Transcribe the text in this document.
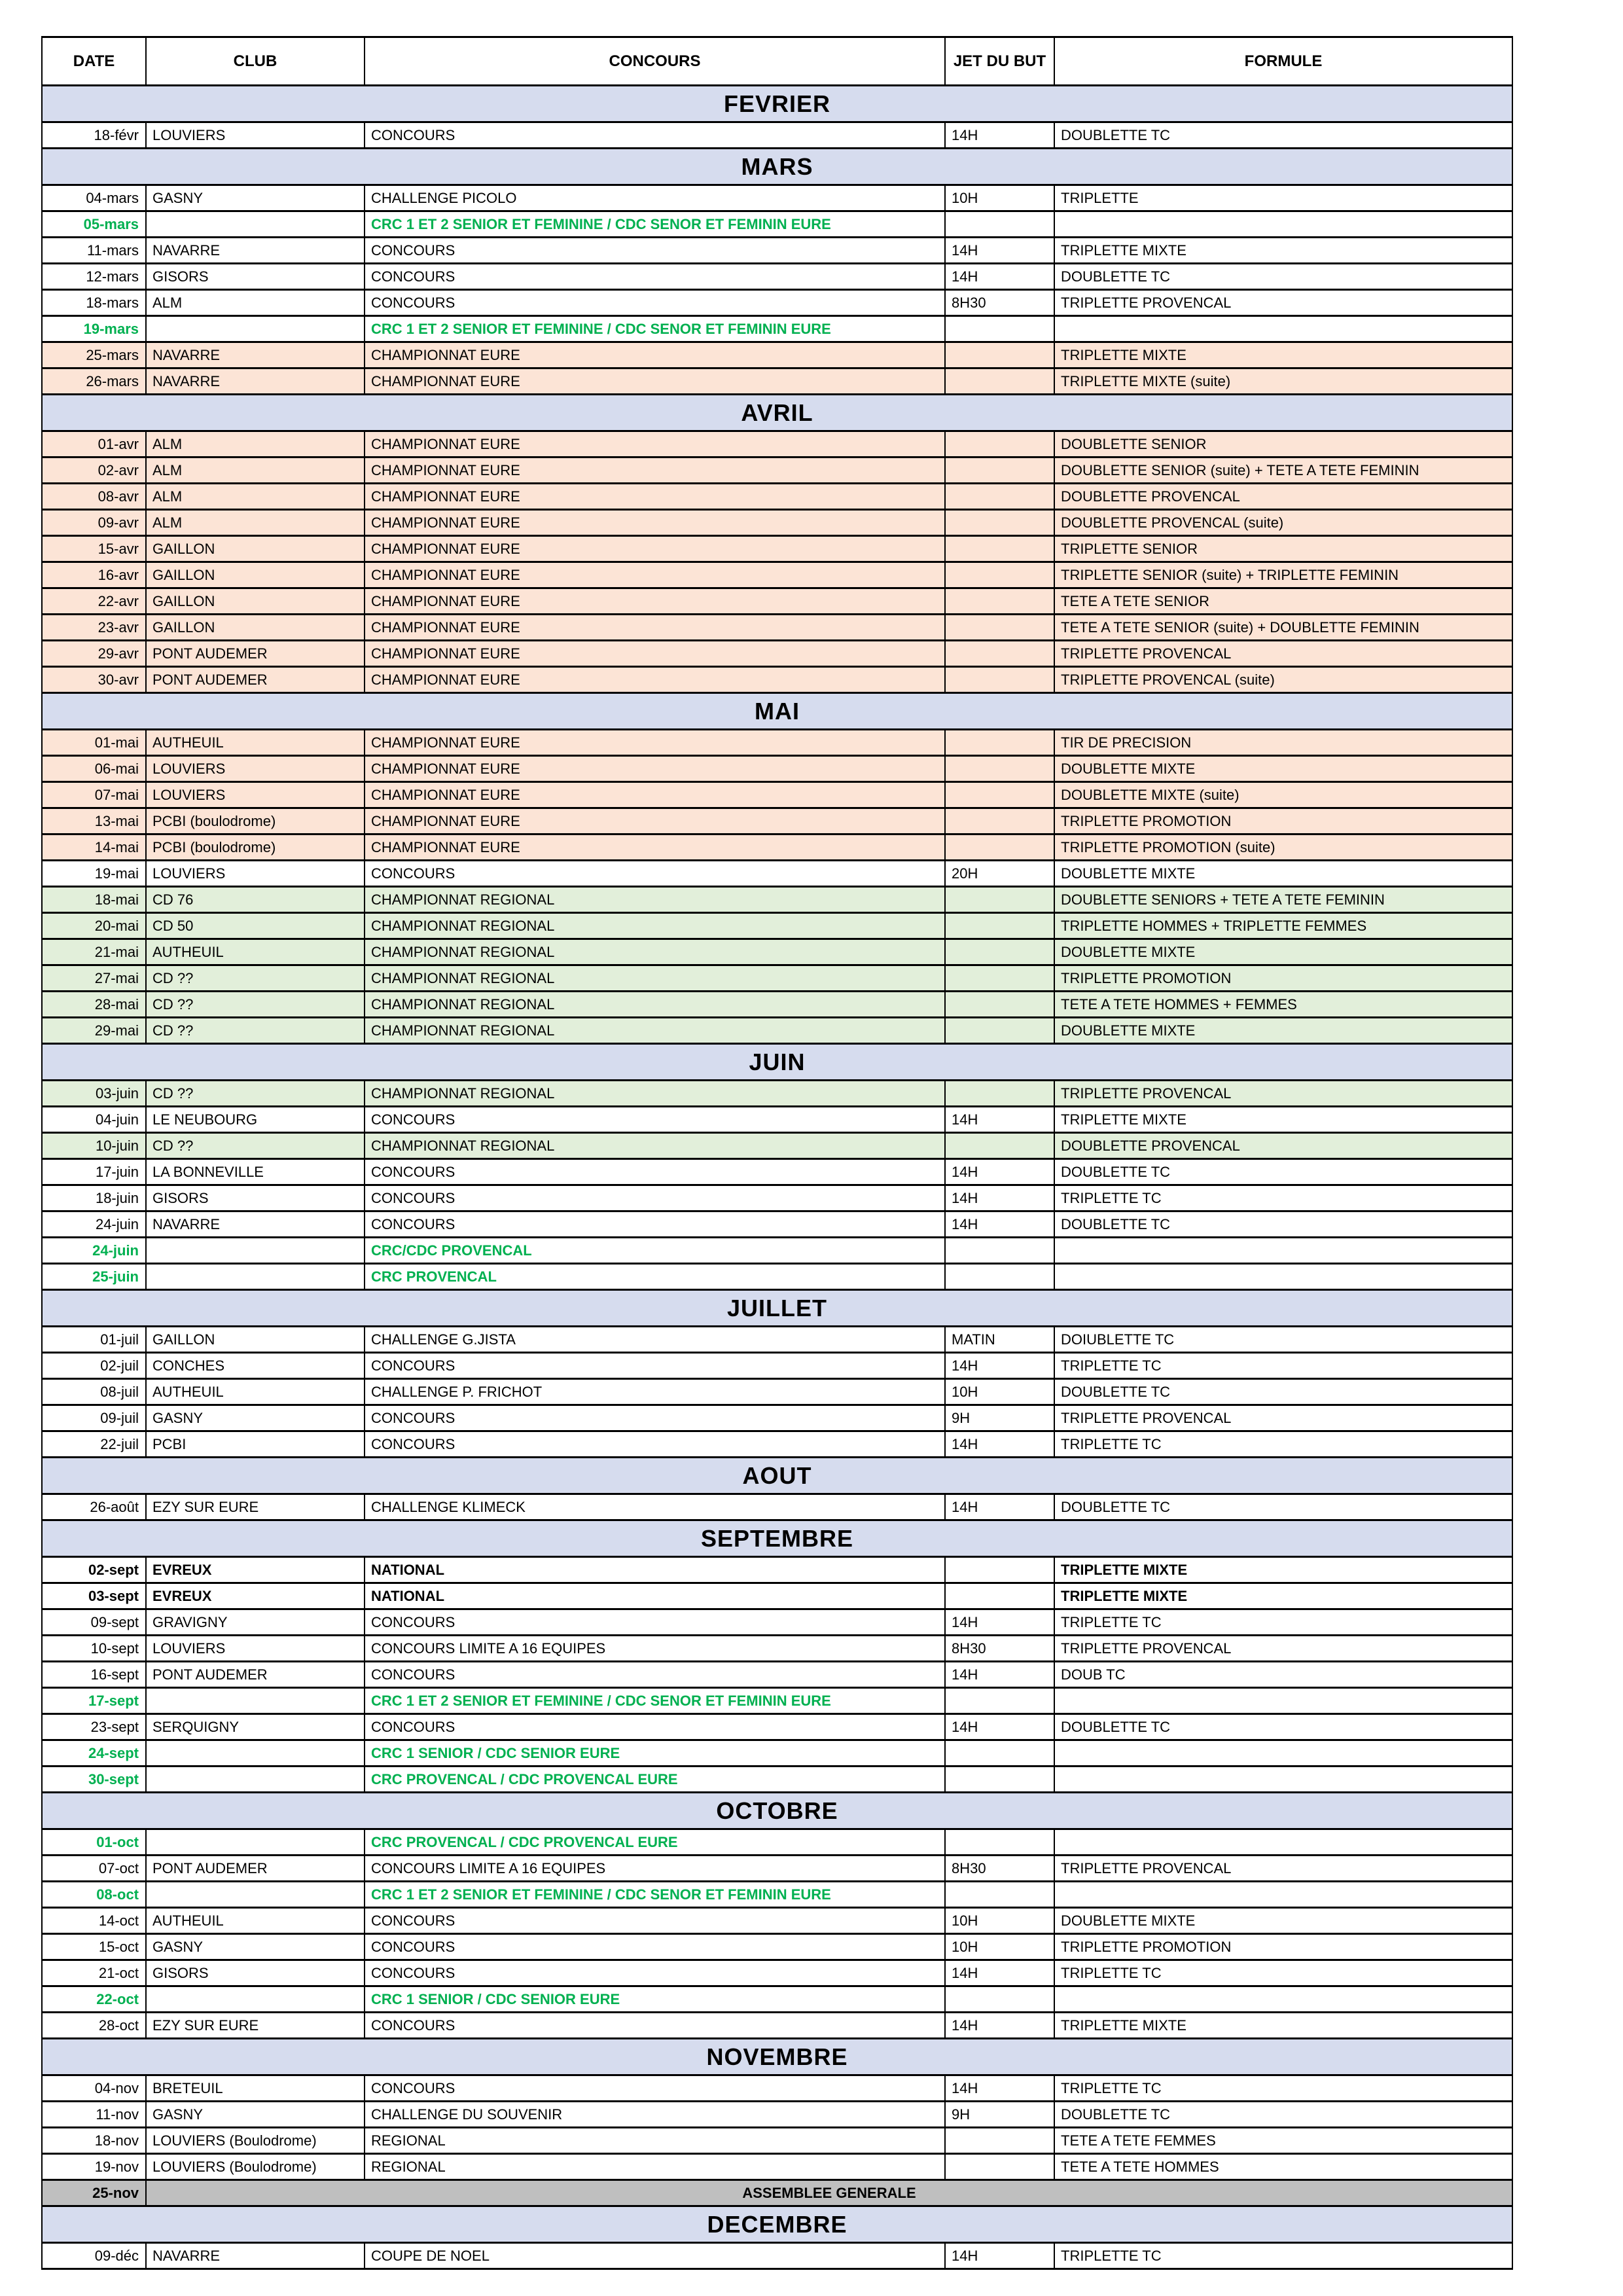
DATE	CLUB	CONCOURS	JET DU BUT	FORMULE
FEVRIER				
18-févr	LOUVIERS	CONCOURS	14H	DOUBLETTE TC
MARS				
04-mars	GASNY	CHALLENGE PICOLO	10H	TRIPLETTE
05-mars		CRC 1 ET 2 SENIOR ET FEMININE / CDC SENOR ET FEMININ EURE		
11-mars	NAVARRE	CONCOURS	14H	TRIPLETTE MIXTE
12-mars	GISORS	CONCOURS	14H	DOUBLETTE TC
18-mars	ALM	CONCOURS	8H30	TRIPLETTE PROVENCAL
19-mars		CRC 1 ET 2 SENIOR ET FEMININE / CDC SENOR ET FEMININ EURE		
25-mars	NAVARRE	CHAMPIONNAT EURE		TRIPLETTE MIXTE
26-mars	NAVARRE	CHAMPIONNAT EURE		TRIPLETTE MIXTE (suite)
AVRIL				
01-avr	ALM	CHAMPIONNAT EURE		DOUBLETTE SENIOR
02-avr	ALM	CHAMPIONNAT EURE		DOUBLETTE SENIOR (suite) + TETE A TETE FEMININ
08-avr	ALM	CHAMPIONNAT EURE		DOUBLETTE PROVENCAL
09-avr	ALM	CHAMPIONNAT EURE		DOUBLETTE PROVENCAL (suite)
15-avr	GAILLON	CHAMPIONNAT EURE		TRIPLETTE SENIOR
16-avr	GAILLON	CHAMPIONNAT EURE		TRIPLETTE SENIOR (suite) + TRIPLETTE FEMININ
22-avr	GAILLON	CHAMPIONNAT EURE		TETE A TETE SENIOR
23-avr	GAILLON	CHAMPIONNAT EURE		TETE A TETE SENIOR (suite) + DOUBLETTE FEMININ
29-avr	PONT AUDEMER	CHAMPIONNAT EURE		TRIPLETTE PROVENCAL
30-avr	PONT AUDEMER	CHAMPIONNAT EURE		TRIPLETTE PROVENCAL (suite)
MAI				
01-mai	AUTHEUIL	CHAMPIONNAT EURE		TIR DE PRECISION
06-mai	LOUVIERS	CHAMPIONNAT EURE		DOUBLETTE MIXTE
07-mai	LOUVIERS	CHAMPIONNAT EURE		DOUBLETTE MIXTE (suite)
13-mai	PCBI (boulodrome)	CHAMPIONNAT EURE		TRIPLETTE PROMOTION
14-mai	PCBI (boulodrome)	CHAMPIONNAT EURE		TRIPLETTE PROMOTION (suite)
19-mai	LOUVIERS	CONCOURS	20H	DOUBLETTE MIXTE
18-mai	CD 76	CHAMPIONNAT REGIONAL		DOUBLETTE SENIORS + TETE A TETE FEMININ
20-mai	CD 50	CHAMPIONNAT REGIONAL		TRIPLETTE HOMMES + TRIPLETTE FEMMES
21-mai	AUTHEUIL	CHAMPIONNAT REGIONAL		DOUBLETTE MIXTE
27-mai	CD ??	CHAMPIONNAT REGIONAL		TRIPLETTE PROMOTION
28-mai	CD ??	CHAMPIONNAT REGIONAL		TETE A TETE HOMMES + FEMMES
29-mai	CD ??	CHAMPIONNAT REGIONAL		DOUBLETTE MIXTE
JUIN				
03-juin	CD ??	CHAMPIONNAT REGIONAL		TRIPLETTE PROVENCAL
04-juin	LE NEUBOURG	CONCOURS	14H	TRIPLETTE MIXTE
10-juin	CD ??	CHAMPIONNAT REGIONAL		DOUBLETTE PROVENCAL
17-juin	LA BONNEVILLE	CONCOURS	14H	DOUBLETTE TC
18-juin	GISORS	CONCOURS	14H	TRIPLETTE TC
24-juin	NAVARRE	CONCOURS	14H	DOUBLETTE TC
24-juin		CRC/CDC PROVENCAL		
25-juin		CRC PROVENCAL		
JUILLET				
01-juil	GAILLON	CHALLENGE G.JISTA	MATIN	DOIUBLETTE TC
02-juil	CONCHES	CONCOURS	14H	TRIPLETTE TC
08-juil	AUTHEUIL	CHALLENGE P. FRICHOT	10H	DOUBLETTE TC
09-juil	GASNY	CONCOURS	9H	TRIPLETTE PROVENCAL
22-juil	PCBI	CONCOURS	14H	TRIPLETTE TC
AOUT				
26-août	EZY SUR EURE	CHALLENGE KLIMECK	14H	DOUBLETTE TC
SEPTEMBRE				
02-sept	EVREUX	NATIONAL		TRIPLETTE MIXTE
03-sept	EVREUX	NATIONAL		TRIPLETTE MIXTE
09-sept	GRAVIGNY	CONCOURS	14H	TRIPLETTE TC
10-sept	LOUVIERS	CONCOURS LIMITE A 16 EQUIPES	8H30	TRIPLETTE PROVENCAL
16-sept	PONT AUDEMER	CONCOURS	14H	DOUB TC
17-sept		CRC 1 ET 2 SENIOR ET FEMININE / CDC SENOR ET FEMININ EURE		
23-sept	SERQUIGNY	CONCOURS	14H	DOUBLETTE TC
24-sept		CRC 1 SENIOR / CDC SENIOR EURE		
30-sept		CRC PROVENCAL / CDC PROVENCAL EURE		
OCTOBRE				
01-oct		CRC PROVENCAL / CDC PROVENCAL EURE		
07-oct	PONT AUDEMER	CONCOURS LIMITE A 16 EQUIPES	8H30	TRIPLETTE PROVENCAL
08-oct		CRC 1 ET 2 SENIOR ET FEMININE / CDC SENOR ET FEMININ EURE		
14-oct	AUTHEUIL	CONCOURS	10H	DOUBLETTE MIXTE
15-oct	GASNY	CONCOURS	10H	TRIPLETTE PROMOTION
21-oct	GISORS	CONCOURS	14H	TRIPLETTE TC
22-oct		CRC 1 SENIOR / CDC SENIOR EURE		
28-oct	EZY SUR EURE	CONCOURS	14H	TRIPLETTE MIXTE
NOVEMBRE				
04-nov	BRETEUIL	CONCOURS	14H	TRIPLETTE TC
11-nov	GASNY	CHALLENGE DU SOUVENIR	9H	DOUBLETTE TC
18-nov	LOUVIERS (Boulodrome)	REGIONAL		TETE A TETE FEMMES
19-nov	LOUVIERS (Boulodrome)	REGIONAL		TETE A TETE HOMMES
25-nov	ASSEMBLEE GENERALE			
DECEMBRE				
09-déc	NAVARRE	COUPE DE NOEL	14H	TRIPLETTE TC
